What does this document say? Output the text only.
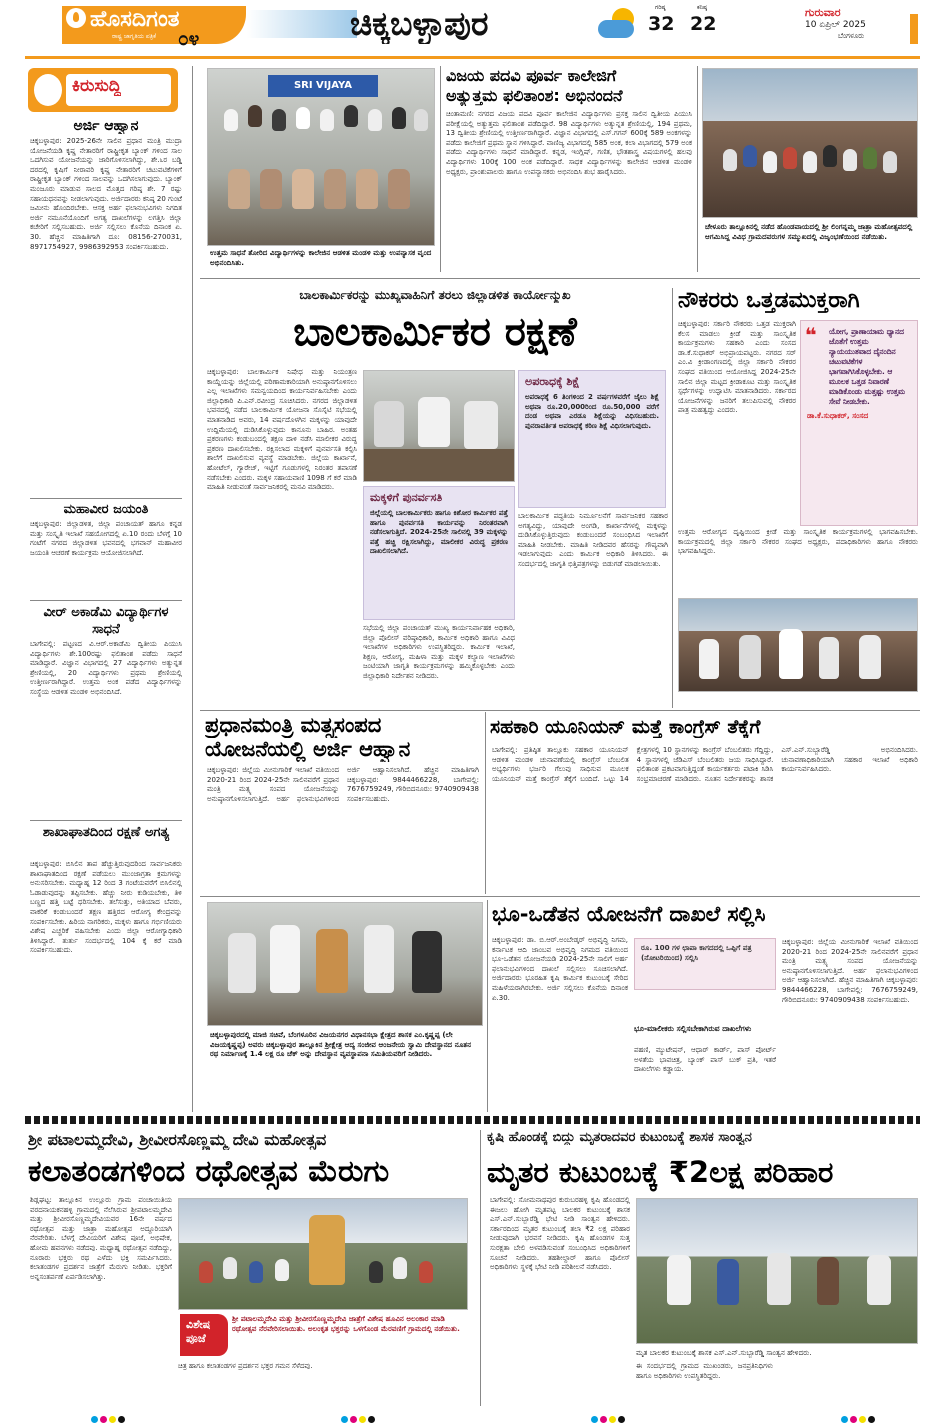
ಹೊಸದಿಗಂತ
ರಾಷ್ಟ್ರ ಜಾಗೃತಿಯ ಪತ್ರಿಕೆ ೦೪	ಚಿಕ್ಕಬಳ್ಳಾಪುರ	ಗರಿಷ್ಠ
32
ಕನಿಷ್ಠ
22
ಗುರುವಾರ
10 ಏಪ್ರಿಲ್ 2025
ಬೆಂಗಳೂರು
ಕಿರುಸುದ್ದಿ
ಅರ್ಜಿ ಆಹ್ವಾನ
ಚಿಕ್ಕಬಳ್ಳಾಪುರ: 2025-26ನೇ ಸಾಲಿನ ಪ್ರಧಾನ ಮಂತ್ರಿ ಮುದ್ರಾ ಯೋಜನೆಯಡಿ ಕೃಷ್ಣ ನೇತಾರರಿಗೆ ರಾಷ್ಟ್ರೀಕೃತ ಬ್ಯಾಂಕ್ ಗಳಿಂದ ಸಾಲ ಒದಗಿಸುವ ಯೋಜನೆಯನ್ನು ಜಾರಿಗೊಳಿಸಲಾಗಿದ್ದು, ಶೇ.೬ರ ಬಡ್ಡಿ ದರದಲ್ಲಿ ಕೃಷಿಗೆ ನೀರಾವರಿ ಕೃಷ್ಣ ನೇತಾರರಿಗೆ ಚಟುವಟಿಕೆಗಳಿಗೆ ರಾಷ್ಟ್ರೀಕೃತ ಬ್ಯಾಂಕ್ ಗಳಿಂದ ಸಾಲವನ್ನು ಒದಗಿಸಲಾಗುವುದು. ಬ್ಯಾಂಕ್ ಮಂಜೂರು ಮಾಡುವ ಸಾಲದ ಮೊತ್ತದ ಗರಿಷ್ಠ ಶೇ. 7 ರಷ್ಟು ಸಹಾಯಧನವನ್ನು ನೀಡಲಾಗುವುದು. ಅರ್ಜಿದಾರರು ಕನಿಷ್ಠ 20 ಗುಂಟೆ ಜಮೀನು ಹೊಂದಿರಬೇಕು. ಆಸಕ್ತ ಅರ್ಹ ಫಲಾನುಭವಿಗಳು ನಿಗದಿತ ಅರ್ಜಿ ನಮೂನೆಯೊಂದಿಗೆ ಅಗತ್ಯ ದಾಖಲೆಗಳನ್ನು ಲಗತ್ತಿಸಿ ಜಿಲ್ಲಾ ಕಚೇರಿಗೆ ಸಲ್ಲಿಸಬಹುದು. ಅರ್ಜಿ ಸಲ್ಲಿಸಲು ಕೊನೆಯ ದಿನಾಂಕ ಏ. 30. ಹೆಚ್ಚಿನ ಮಾಹಿತಿಗಾಗಿ ದೂ: 08156-270031, 8971754927, 9986392953 ಸಂಪರ್ಕಿಸಬಹುದು.
ಮಹಾವೀರ ಜಯಂತಿ
ಚಿಕ್ಕಬಳ್ಳಾಪುರ: ಜಿಲ್ಲಾಡಳಿತ, ಜಿಲ್ಲಾ ಪಂಚಾಯತ್ ಹಾಗೂ ಕನ್ನಡ ಮತ್ತು ಸಂಸ್ಕೃತಿ ಇಲಾಖೆ ಸಹಯೋಗದಲ್ಲಿ ಏ.10 ರಂದು ಬೆಳಗ್ಗೆ 10 ಗಂಟೆಗೆ ನಗರದ ಜಿಲ್ಲಾಡಳಿತ ಭವನದಲ್ಲಿ ಭಗವಾನ್ ಮಹಾವೀರ ಜಯಂತಿ ಆಚರಣೆ ಕಾರ್ಯಕ್ರಮ ಆಯೋಜಿಸಲಾಗಿದೆ.
ವೀರ್ ಅಕಾಡೆಮಿ ವಿದ್ಯಾರ್ಥಿಗಳ ಸಾಧನೆ
ಬಾಗೇಪಲ್ಲಿ: ಪಟ್ಟಣದ ವಿ.ಆರ್.ಅಕಾಡೆಮಿ ದ್ವಿತೀಯ ಪಿಯುಸಿ ವಿದ್ಯಾರ್ಥಿಗಳು ಶೇ.100ರಷ್ಟು ಫಲಿತಾಂಶ ಪಡೆದು ಸಾಧನೆ ಮಾಡಿದ್ದಾರೆ. ವಿಜ್ಞಾನ ವಿಭಾಗದಲ್ಲಿ 27 ವಿದ್ಯಾರ್ಥಿಗಳು ಅತ್ಯುನ್ನತ ಶ್ರೇಣಿಯಲ್ಲಿ, 20 ವಿದ್ಯಾರ್ಥಿಗಳು ಪ್ರಥಮ ಶ್ರೇಣಿಯಲ್ಲಿ ಉತ್ತೀರ್ಣರಾಗಿದ್ದಾರೆ. ಉತ್ತಮ ಅಂಕ ಪಡೆದ ವಿದ್ಯಾರ್ಥಿಗಳನ್ನು ಸಂಸ್ಥೆಯ ಆಡಳಿತ ಮಂಡಳಿ ಅಭಿನಂದಿಸಿದೆ.
ಶಾಖಾಘಾತದಿಂದ ರಕ್ಷಣೆ ಅಗತ್ಯ
ಚಿಕ್ಕಬಳ್ಳಾಪುರ: ಬಿಸಿಲಿನ ತಾಪ ಹೆಚ್ಚುತ್ತಿರುವುದರಿಂದ ಸಾರ್ವಜನಿಕರು ಶಾಖಾಘಾತದಿಂದ ರಕ್ಷಣೆ ಪಡೆಯಲು ಮುಂಜಾಗ್ರತಾ ಕ್ರಮಗಳನ್ನು ಅನುಸರಿಸಬೇಕು. ಮಧ್ಯಾಹ್ನ 12 ರಿಂದ 3 ಗಂಟೆಯವರೆಗೆ ಬಿಸಿಲಿನಲ್ಲಿ ಓಡಾಡುವುದನ್ನು ತಪ್ಪಿಸಬೇಕು. ಹೆಚ್ಚು ನೀರು ಕುಡಿಯಬೇಕು, ತಿಳಿ ಬಣ್ಣದ ಹತ್ತಿ ಬಟ್ಟೆ ಧರಿಸಬೇಕು. ತಲೆಸುತ್ತು, ಅತಿಯಾದ ಬೆವರು, ವಾಕರಿಕೆ ಕಂಡುಬಂದರೆ ತಕ್ಷಣ ಹತ್ತಿರದ ಆರೋಗ್ಯ ಕೇಂದ್ರವನ್ನು ಸಂಪರ್ಕಿಸಬೇಕು. ಹಿರಿಯ ನಾಗರಿಕರು, ಮಕ್ಕಳು ಹಾಗೂ ಗರ್ಭಿಣಿಯರು ವಿಶೇಷ ಎಚ್ಚರಿಕೆ ವಹಿಸಬೇಕು ಎಂದು ಜಿಲ್ಲಾ ಆರೋಗ್ಯಾಧಿಕಾರಿ ತಿಳಿಸಿದ್ದಾರೆ. ತುರ್ತು ಸಂದರ್ಭದಲ್ಲಿ 104 ಕ್ಕೆ ಕರೆ ಮಾಡಿ ಸಂಪರ್ಕಿಸಬಹುದು.
SRI VIJAYA
ಉತ್ತಮ ಸಾಧನೆ ತೋರಿದ ವಿದ್ಯಾರ್ಥಿಗಳನ್ನು ಕಾಲೇಜಿನ ಆಡಳಿತ ಮಂಡಳಿ ಮತ್ತು ಉಪನ್ಯಾಸಕ ವೃಂದ ಅಭಿನಂದಿಸಿತು.
ವಿಜಯ ಪದವಿ ಪೂರ್ವ ಕಾಲೇಜಿಗೆ
ಅತ್ಯುತ್ತಮ ಫಲಿತಾಂಶ: ಅಭಿನಂದನೆ
ಚಿಂತಾಮಣಿ: ನಗರದ ವಿಜಯ ಪದವಿ ಪೂರ್ವ ಕಾಲೇಜಿನ ವಿದ್ಯಾರ್ಥಿಗಳು ಪ್ರಸಕ್ತ ಸಾಲಿನ ದ್ವಿತೀಯ ಪಿಯುಸಿ ಪರೀಕ್ಷೆಯಲ್ಲಿ ಅತ್ಯುತ್ತಮ ಫಲಿತಾಂಶ ಪಡೆದಿದ್ದಾರೆ. 98 ವಿದ್ಯಾರ್ಥಿಗಳು ಅತ್ಯುನ್ನತ ಶ್ರೇಣಿಯಲ್ಲಿ, 194 ಪ್ರಥಮ, 13 ದ್ವಿತೀಯ ಶ್ರೇಣಿಯಲ್ಲಿ ಉತ್ತೀರ್ಣರಾಗಿದ್ದಾರೆ. ವಿಜ್ಞಾನ ವಿಭಾಗದಲ್ಲಿ ಎಸ್.ಗಗನ್ 600ಕ್ಕೆ 589 ಅಂಕಗಳನ್ನು ಪಡೆದು ಕಾಲೇಜಿಗೆ ಪ್ರಥಮ ಸ್ಥಾನ ಗಳಿಸಿದ್ದಾರೆ. ವಾಣಿಜ್ಯ ವಿಭಾಗದಲ್ಲಿ 585 ಅಂಕ, ಕಲಾ ವಿಭಾಗದಲ್ಲಿ 579 ಅಂಕ ಪಡೆದು ವಿದ್ಯಾರ್ಥಿಗಳು ಸಾಧನೆ ಮಾಡಿದ್ದಾರೆ. ಕನ್ನಡ, ಇಂಗ್ಲಿಷ್, ಗಣಿತ, ಭೌತಶಾಸ್ತ್ರ ವಿಷಯಗಳಲ್ಲಿ ಹಲವು ವಿದ್ಯಾರ್ಥಿಗಳು 100ಕ್ಕೆ 100 ಅಂಕ ಪಡೆದಿದ್ದಾರೆ. ಸಾಧಕ ವಿದ್ಯಾರ್ಥಿಗಳನ್ನು ಕಾಲೇಜಿನ ಆಡಳಿತ ಮಂಡಳಿ ಅಧ್ಯಕ್ಷರು, ಪ್ರಾಂಶುಪಾಲರು ಹಾಗೂ ಉಪನ್ಯಾಸಕರು ಅಭಿನಂದಿಸಿ ಶುಭ ಹಾರೈಸಿದರು.
ಚೇಳೂರು ತಾಲ್ಲೂಕಿನಲ್ಲಿ ನಡೆದ ಹೊಂಡವಾಯದಲ್ಲಿ ಶ್ರೀ ಲಿಂಗನ್ನಮ್ಮ ಜಾತ್ರಾ ಮಹೋತ್ಸವದಲ್ಲಿ ಆಗಮಿಸಿದ್ದ ವಿವಿಧ ಗ್ರಾಮದವರುಗಳ ಸಮ್ಮುಖದಲ್ಲಿ ವಿಜೃಂಭಣೆಯಿಂದ ನಡೆಯಿತು.
ಬಾಲಕಾರ್ಮಿಕರನ್ನು ಮುಖ್ಯವಾಹಿನಿಗೆ ತರಲು ಜಿಲ್ಲಾಡಳಿತ ಕಾರ್ಯೋನ್ಮುಖ
ಬಾಲಕಾರ್ಮಿಕರ ರಕ್ಷಣೆ
ಚಿಕ್ಕಬಳ್ಳಾಪುರ: ಬಾಲಕಾರ್ಮಿಕ ನಿಷೇಧ ಮತ್ತು ನಿಯಂತ್ರಣ ಕಾಯ್ದೆಯನ್ನು ಜಿಲ್ಲೆಯಲ್ಲಿ ಪರಿಣಾಮಕಾರಿಯಾಗಿ ಅನುಷ್ಠಾನಗೊಳಿಸಲು ಎಲ್ಲ ಇಲಾಖೆಗಳು ಸಮನ್ವಯದಿಂದ ಕಾರ್ಯನಿರ್ವಹಿಸಬೇಕು ಎಂದು ಜಿಲ್ಲಾಧಿಕಾರಿ ಪಿ.ಎನ್.ರವೀಂದ್ರ ಸೂಚಿಸಿದರು. ನಗರದ ಜಿಲ್ಲಾಡಳಿತ ಭವನದಲ್ಲಿ ನಡೆದ ಬಾಲಕಾರ್ಮಿಕ ಯೋಜನಾ ಸೊಸೈಟಿ ಸಭೆಯಲ್ಲಿ ಮಾತನಾಡಿದ ಅವರು, 14 ವರ್ಷದೊಳಗಿನ ಮಕ್ಕಳನ್ನು ಯಾವುದೇ ಉದ್ದಿಮೆಯಲ್ಲಿ ದುಡಿಸಿಕೊಳ್ಳುವುದು ಕಾನೂನು ಬಾಹಿರ. ಅಂತಹ ಪ್ರಕರಣಗಳು ಕಂಡುಬಂದಲ್ಲಿ ತಕ್ಷಣ ದಾಳಿ ನಡೆಸಿ ಮಾಲೀಕರ ವಿರುದ್ಧ ಪ್ರಕರಣ ದಾಖಲಿಸಬೇಕು. ರಕ್ಷಿಸಲಾದ ಮಕ್ಕಳಿಗೆ ಪುನರ್ವಸತಿ ಕಲ್ಪಿಸಿ ಶಾಲೆಗೆ ದಾಖಲಿಸುವ ವ್ಯವಸ್ಥೆ ಮಾಡಬೇಕು. ಜಿಲ್ಲೆಯ ಕಾರ್ಖಾನೆ, ಹೋಟೆಲ್, ಗ್ಯಾರೇಜ್, ಇಟ್ಟಿಗೆ ಗೂಡುಗಳಲ್ಲಿ ನಿರಂತರ ತಪಾಸಣೆ ನಡೆಸಬೇಕು ಎಂದರು. ಮಕ್ಕಳ ಸಹಾಯವಾಣಿ 1098 ಗೆ ಕರೆ ಮಾಡಿ ಮಾಹಿತಿ ನೀಡುವಂತೆ ಸಾರ್ವಜನಿಕರಲ್ಲಿ ಮನವಿ ಮಾಡಿದರು.
ಅಪರಾಧಕ್ಕೆ ಶಿಕ್ಷೆ
ಅಪರಾಧಕ್ಕೆ 6 ತಿಂಗಳಿಂದ 2 ವರ್ಷಗಳವರೆಗೆ ಜೈಲು ಶಿಕ್ಷೆ ಅಥವಾ ರೂ.20,000ರಿಂದ ರೂ.50,000 ವರೆಗೆ ದಂಡ ಅಥವಾ ಎರಡೂ ಶಿಕ್ಷೆಯನ್ನು ವಿಧಿಸಬಹುದು. ಪುನರಾವರ್ತಿತ ಅಪರಾಧಕ್ಕೆ ಕಠಿಣ ಶಿಕ್ಷೆ ವಿಧಿಸಲಾಗುವುದು.
ಮಕ್ಕಳಿಗೆ ಪುನರ್ವಸತಿ
ಜಿಲ್ಲೆಯಲ್ಲಿ ಬಾಲಕಾರ್ಮಿಕರು ಹಾಗೂ ಕಿಶೋರ ಕಾರ್ಮಿಕರ ಪತ್ತೆ ಹಾಗೂ ಪುನರ್ವಸತಿ ಕಾರ್ಯವನ್ನು ನಿರಂತರವಾಗಿ ನಡೆಸಲಾಗುತ್ತಿದೆ. 2024-25ನೇ ಸಾಲಿನಲ್ಲಿ 39 ಮಕ್ಕಳನ್ನು ಪತ್ತೆ ಹಚ್ಚಿ ರಕ್ಷಿಸಲಾಗಿದ್ದು, ಮಾಲೀಕರ ವಿರುದ್ಧ ಪ್ರಕರಣ ದಾಖಲಿಸಲಾಗಿದೆ.
ಸಭೆಯಲ್ಲಿ ಜಿಲ್ಲಾ ಪಂಚಾಯತ್ ಮುಖ್ಯ ಕಾರ್ಯನಿರ್ವಾಹಕ ಅಧಿಕಾರಿ, ಜಿಲ್ಲಾ ಪೊಲೀಸ್ ವರಿಷ್ಠಾಧಿಕಾರಿ, ಕಾರ್ಮಿಕ ಅಧಿಕಾರಿ ಹಾಗೂ ವಿವಿಧ ಇಲಾಖೆಗಳ ಅಧಿಕಾರಿಗಳು ಉಪಸ್ಥಿತರಿದ್ದರು. ಕಾರ್ಮಿಕ ಇಲಾಖೆ, ಶಿಕ್ಷಣ, ಆರೋಗ್ಯ, ಮಹಿಳಾ ಮತ್ತು ಮಕ್ಕಳ ಕಲ್ಯಾಣ ಇಲಾಖೆಗಳು ಜಂಟಿಯಾಗಿ ಜಾಗೃತಿ ಕಾರ್ಯಕ್ರಮಗಳನ್ನು ಹಮ್ಮಿಕೊಳ್ಳಬೇಕು ಎಂದು ಜಿಲ್ಲಾಧಿಕಾರಿ ನಿರ್ದೇಶನ ನೀಡಿದರು.
ಬಾಲಕಾರ್ಮಿಕ ಪದ್ಧತಿಯ ನಿರ್ಮೂಲನೆಗೆ ಸಾರ್ವಜನಿಕರ ಸಹಕಾರ ಅಗತ್ಯವಿದ್ದು, ಯಾವುದೇ ಅಂಗಡಿ, ಕಾರ್ಖಾನೆಗಳಲ್ಲಿ ಮಕ್ಕಳನ್ನು ದುಡಿಸಿಕೊಳ್ಳುತ್ತಿರುವುದು ಕಂಡುಬಂದರೆ ಸಂಬಂಧಿಸಿದ ಇಲಾಖೆಗೆ ಮಾಹಿತಿ ನೀಡಬೇಕು. ಮಾಹಿತಿ ನೀಡಿದವರ ಹೆಸರನ್ನು ಗೌಪ್ಯವಾಗಿ ಇಡಲಾಗುವುದು ಎಂದು ಕಾರ್ಮಿಕ ಅಧಿಕಾರಿ ತಿಳಿಸಿದರು. ಈ ಸಂದರ್ಭದಲ್ಲಿ ಜಾಗೃತಿ ಭಿತ್ತಿಪತ್ರಗಳನ್ನು ಬಿಡುಗಡೆ ಮಾಡಲಾಯಿತು.
ನೌಕರರು ಒತ್ತಡಮುಕ್ತರಾಗಿ
ಚಿಕ್ಕಬಳ್ಳಾಪುರ: ಸರ್ಕಾರಿ ನೌಕರರು ಒತ್ತಡ ಮುಕ್ತರಾಗಿ ಕೆಲಸ ಮಾಡಲು ಕ್ರೀಡೆ ಮತ್ತು ಸಾಂಸ್ಕೃತಿಕ ಕಾರ್ಯಕ್ರಮಗಳು ಸಹಕಾರಿ ಎಂದು ಸಂಸದ ಡಾ.ಕೆ.ಸುಧಾಕರ್ ಅಭಿಪ್ರಾಯಪಟ್ಟರು. ನಗರದ ಸರ್ ಎಂ.ವಿ ಕ್ರೀಡಾಂಗಣದಲ್ಲಿ ಜಿಲ್ಲಾ ಸರ್ಕಾರಿ ನೌಕರರ ಸಂಘದ ವತಿಯಿಂದ ಆಯೋಜಿಸಿದ್ದ 2024-25ನೇ ಸಾಲಿನ ಜಿಲ್ಲಾ ಮಟ್ಟದ ಕ್ರೀಡಾಕೂಟ ಮತ್ತು ಸಾಂಸ್ಕೃತಿಕ ಸ್ಪರ್ಧೆಗಳನ್ನು ಉದ್ಘಾಟಿಸಿ ಮಾತನಾಡಿದರು. ಸರ್ಕಾರದ ಯೋಜನೆಗಳನ್ನು ಜನರಿಗೆ ತಲುಪಿಸುವಲ್ಲಿ ನೌಕರರ ಪಾತ್ರ ಮಹತ್ವದ್ದು ಎಂದರು.
❝	ಯೋಗ, ಪ್ರಾಣಾಯಾಮ ಧ್ಯಾನದ ಜೊತೆಗೆ ಉತ್ತಮ ನ್ಯಾಯಯುತವಾದ ದೈನಂದಿನ ಚಟುವಟಿಕೆಗಳ ಭಾಗವಾಗಿಸಿಕೊಳ್ಳಬೇಕು. ಆ ಮೂಲಕ ಒತ್ತಡ ನಿವಾರಣೆ ಮಾಡಿಕೊಂಡು ಮತ್ತಷ್ಟು ಉತ್ತಮ ಸೇವೆ ನೀಡಬೇಕು.
ಡಾ.ಕೆ.ಸುಧಾಕರ್, ಸಂಸದ
ಉತ್ತಮ ಆರೋಗ್ಯದ ದೃಷ್ಟಿಯಿಂದ ಕ್ರೀಡೆ ಮತ್ತು ಸಾಂಸ್ಕೃತಿಕ ಕಾರ್ಯಕ್ರಮಗಳಲ್ಲಿ ಭಾಗವಹಿಸಬೇಕು. ಕಾರ್ಯಕ್ರಮದಲ್ಲಿ ಜಿಲ್ಲಾ ಸರ್ಕಾರಿ ನೌಕರರ ಸಂಘದ ಅಧ್ಯಕ್ಷರು, ಪದಾಧಿಕಾರಿಗಳು ಹಾಗೂ ನೌಕರರು ಭಾಗವಹಿಸಿದ್ದರು.
ಪ್ರಧಾನಮಂತ್ರಿ ಮತ್ಸ್ಯಸಂಪದ
ಯೋಜನೆಯಲ್ಲಿ ಅರ್ಜಿ ಆಹ್ವಾನ
ಚಿಕ್ಕಬಳ್ಳಾಪುರ: ಜಿಲ್ಲೆಯ ಮೀನುಗಾರಿಕೆ ಇಲಾಖೆ ವತಿಯಿಂದ 2020-21 ರಿಂದ 2024-25ನೇ ಸಾಲಿನವರೆಗೆ ಪ್ರಧಾನ ಮಂತ್ರಿ ಮತ್ಸ್ಯ ಸಂಪದ ಯೋಜನೆಯನ್ನು ಅನುಷ್ಠಾನಗೊಳಿಸಲಾಗುತ್ತಿದೆ. ಅರ್ಹ ಫಲಾನುಭವಿಗಳಿಂದ ಅರ್ಜಿ ಆಹ್ವಾನಿಸಲಾಗಿದೆ. ಹೆಚ್ಚಿನ ಮಾಹಿತಿಗಾಗಿ ಚಿಕ್ಕಬಳ್ಳಾಪುರ: 9844466228, ಬಾಗೇಪಲ್ಲಿ: 7676759249, ಗೌರಿಬಿದನೂರು: 9740909438 ಸಂಪರ್ಕಿಸಬಹುದು.
ಸಹಕಾರಿ ಯೂನಿಯನ್ ಮತ್ತೆ ಕಾಂಗ್ರೆಸ್ ತೆಕ್ಕೆಗೆ
ಬಾಗೇಪಲ್ಲಿ: ಪ್ರತಿಷ್ಠಿತ ತಾಲ್ಲೂಕು ಸಹಕಾರ ಯೂನಿಯನ್ ಆಡಳಿತ ಮಂಡಳಿ ಚುನಾವಣೆಯಲ್ಲಿ ಕಾಂಗ್ರೆಸ್ ಬೆಂಬಲಿತ ಅಭ್ಯರ್ಥಿಗಳು ಭರ್ಜರಿ ಗೆಲುವು ಸಾಧಿಸುವ ಮೂಲಕ ಯೂನಿಯನ್ ಮತ್ತೆ ಕಾಂಗ್ರೆಸ್ ತೆಕ್ಕೆಗೆ ಬಂದಿದೆ. ಒಟ್ಟು 14 ಕ್ಷೇತ್ರಗಳಲ್ಲಿ 10 ಸ್ಥಾನಗಳನ್ನು ಕಾಂಗ್ರೆಸ್ ಬೆಂಬಲಿತರು ಗೆದ್ದಿದ್ದು, 4 ಸ್ಥಾನಗಳಲ್ಲಿ ಜೆಡಿಎಸ್ ಬೆಂಬಲಿತರು ಜಯ ಸಾಧಿಸಿದ್ದಾರೆ. ಫಲಿತಾಂಶ ಪ್ರಕಟವಾಗುತ್ತಿದ್ದಂತೆ ಕಾರ್ಯಕರ್ತರು ಪಟಾಕಿ ಸಿಡಿಸಿ ಸಂಭ್ರಮಾಚರಣೆ ಮಾಡಿದರು. ನೂತನ ನಿರ್ದೇಶಕರನ್ನು ಶಾಸಕ ಎಸ್.ಎನ್.ಸುಬ್ಬಾರೆಡ್ಡಿ ಅಭಿನಂದಿಸಿದರು. ಚುನಾವಣಾಧಿಕಾರಿಯಾಗಿ ಸಹಕಾರ ಇಲಾಖೆ ಅಧಿಕಾರಿ ಕಾರ್ಯನಿರ್ವಹಿಸಿದರು.
ಚಿಕ್ಕಬಳ್ಳಾಪುರದಲ್ಲಿ ಮಾಜಿ ಸಚಿವೆ, ಬೆಂಗಳೂರಿನ ವಿಜಯನಗರ ವಿಧಾನಸಭಾ ಕ್ಷೇತ್ರದ ಶಾಸಕ ಎಂ.ಕೃಷ್ಣಪ್ಪ (ಲೇ ವಿಜಯಕೃಷ್ಣಪ್ಪ) ಅವರು ಚಿಕ್ಕಬಳ್ಳಾಪುರ ತಾಲ್ಲೂಕಿನ ಶ್ರೀಕ್ಷೇತ್ರ ಆದ್ಯ ಸಂಜೀವ ಆಂಜನೇಯ ಸ್ವಾಮಿ ದೇವಸ್ಥಾನದ ನೂತನ ರಥ ನಿರ್ಮಾಣಕ್ಕೆ 1.4 ಲಕ್ಷ ರೂ ಚೆಕ್ ಅನ್ನು ದೇವಸ್ಥಾನ ವ್ಯವಸ್ಥಾಪನಾ ಸಮಿತಿಯವರಿಗೆ ನೀಡಿದರು.
ಭೂ-ಒಡೆತನ ಯೋಜನೆಗೆ ದಾಖಲೆ ಸಲ್ಲಿಸಿ
ಚಿಕ್ಕಬಳ್ಳಾಪುರ: ಡಾ. ಬಿ.ಆರ್.ಅಂಬೇಡ್ಕರ್ ಅಭಿವೃದ್ಧಿ ನಿಗಮ, ಕರ್ನಾಟಕ ಆದಿ ಜಾಂಬವ ಅಭಿವೃದ್ಧಿ ನಿಗಮದ ವತಿಯಿಂದ ಭೂ-ಒಡೆತನ ಯೋಜನೆಯಡಿ 2024-25ನೇ ಸಾಲಿಗೆ ಅರ್ಹ ಫಲಾನುಭವಿಗಳಿಂದ ದಾಖಲೆ ಸಲ್ಲಿಸಲು ಸೂಚಿಸಲಾಗಿದೆ. ಅರ್ಜಿದಾರರು ಭೂರಹಿತ ಕೃಷಿ ಕಾರ್ಮಿಕ ಕುಟುಂಬಕ್ಕೆ ಸೇರಿದ ಮಹಿಳೆಯರಾಗಿರಬೇಕು. ಅರ್ಜಿ ಸಲ್ಲಿಸಲು ಕೊನೆಯ ದಿನಾಂಕ ಏ.30.
ರೂ. 100 ಗಳ ಛಾಪಾ ಕಾಗದದಲ್ಲಿ ಒಪ್ಪಿಗೆ ಪತ್ರ (ನೋಟರಿಯಿಂದ) ಸಲ್ಲಿಸಿ
ಭೂ-ಮಾಲೀಕರು ಸಲ್ಲಿಸಬೇಕಾಗಿರುವ ದಾಖಲೆಗಳು
ಪಹಣಿ, ಮ್ಯುಟೇಷನ್, ಆಧಾರ್ ಕಾರ್ಡ್, ಪಾಸ್ ಪೋರ್ಟ್ ಅಳತೆಯ ಭಾವಚಿತ್ರ, ಬ್ಯಾಂಕ್ ಪಾಸ್ ಬುಕ್ ಪ್ರತಿ, ಇತರೆ ದಾಖಲೆಗಳು ಕಡ್ಡಾಯ.
ಚಿಕ್ಕಬಳ್ಳಾಪುರ: ಜಿಲ್ಲೆಯ ಮೀನುಗಾರಿಕೆ ಇಲಾಖೆ ವತಿಯಿಂದ 2020-21 ರಿಂದ 2024-25ನೇ ಸಾಲಿನವರೆಗೆ ಪ್ರಧಾನ ಮಂತ್ರಿ ಮತ್ಸ್ಯ ಸಂಪದ ಯೋಜನೆಯನ್ನು ಅನುಷ್ಠಾನಗೊಳಿಸಲಾಗುತ್ತಿದೆ. ಅರ್ಹ ಫಲಾನುಭವಿಗಳಿಂದ ಅರ್ಜಿ ಆಹ್ವಾನಿಸಲಾಗಿದೆ. ಹೆಚ್ಚಿನ ಮಾಹಿತಿಗಾಗಿ ಚಿಕ್ಕಬಳ್ಳಾಪುರ: 9844466228, ಬಾಗೇಪಲ್ಲಿ: 7676759249, ಗೌರಿಬಿದನೂರು: 9740909438 ಸಂಪರ್ಕಿಸಬಹುದು.
ಶ್ರೀ ಪಟಾಲಮ್ಮದೇವಿ, ಶ್ರೀವೀರಸೊಣ್ಣಮ್ಮ ದೇವಿ ಮಹೋತ್ಸವ
ಕಲಾತಂಡಗಳಿಂದ ರಥೋತ್ಸವ ಮೆರುಗು
ಶಿಡ್ಲಘಟ್ಟ: ತಾಲ್ಲೂಕಿನ ಉಲ್ಲೂರು ಗ್ರಾಮ ಪಂಚಾಯಿತಿಯ ವರದನಾಯಕನಹಳ್ಳಿ ಗ್ರಾಮದಲ್ಲಿ ನೆಲೆಸಿರುವ ಶ್ರೀಪಟಾಲಮ್ಮದೇವಿ ಮತ್ತು ಶ್ರೀವೀರಸೊಣ್ಣಮ್ಮದೇವಿಯವರ 16ನೇ ವರ್ಷದ ರಥೋತ್ಸವ ಮತ್ತು ಜಾತ್ರಾ ಮಹೋತ್ಸವ ಅದ್ದೂರಿಯಾಗಿ ನೆರವೇರಿತು. ಬೆಳಗ್ಗೆ ದೇವಿಯರಿಗೆ ವಿಶೇಷ ಪೂಜೆ, ಅಭಿಷೇಕ, ಹೋಮ ಹವನಗಳು ನಡೆದವು. ಮಧ್ಯಾಹ್ನ ರಥೋತ್ಸವ ನಡೆದಿದ್ದು, ನೂರಾರು ಭಕ್ತರು ರಥ ಎಳೆದು ಭಕ್ತಿ ಸಮರ್ಪಿಸಿದರು. ಕಲಾತಂಡಗಳ ಪ್ರದರ್ಶನ ಜಾತ್ರೆಗೆ ಮೆರುಗು ನೀಡಿತು. ಭಕ್ತರಿಗೆ ಅನ್ನಸಂತರ್ಪಣೆ ಏರ್ಪಡಿಸಲಾಗಿತ್ತು.
ವಿಶೇಷ
ಪೂಜೆ
ಶ್ರೀ ಪಟಾಲಮ್ಮದೇವಿ ಮತ್ತು ಶ್ರೀವೀರಸೊಣ್ಣಮ್ಮದೇವಿ ಜಾತ್ರೆಗೆ ವಿಶೇಷ ಹೂವಿನ ಅಲಂಕಾರ ಮಾಡಿ ರಥೋತ್ಸವ ನೆರವೇರಿಸಲಾಯಿತು. ಅಲಂಕೃತ ಭಕ್ತರನ್ನು ಒಳಗೊಂಡ ಮೆರವಣಿಗೆ ಗ್ರಾಮದಲ್ಲಿ ನಡೆಯಿತು.
ಚಿತ್ರ ಹಾಗೂ ಕಲಾತಂಡಗಳ ಪ್ರದರ್ಶನ ಭಕ್ತರ ಗಮನ ಸೆಳೆದವು.
ಕೃಷಿ ಹೊಂಡಕ್ಕೆ ಬಿದ್ದು ಮೃತರಾದವರ ಕುಟುಂಬಕ್ಕೆ ಶಾಸಕ ಸಾಂತ್ವನ
ಮೃತರ ಕುಟುಂಬಕ್ಕೆ ₹2ಲಕ್ಷ ಪರಿಹಾರ
ಬಾಗೇಪಲ್ಲಿ: ಸೋಮನಾಥಪುರ ಕುರುಬರಹಳ್ಳಿ ಕೃಷಿ ಹೊಂಡದಲ್ಲಿ ಈಜಲು ಹೋಗಿ ಮೃತಪಟ್ಟ ಬಾಲಕರ ಕುಟುಂಬಕ್ಕೆ ಶಾಸಕ ಎಸ್.ಎನ್.ಸುಬ್ಬಾರೆಡ್ಡಿ ಭೇಟಿ ನೀಡಿ ಸಾಂತ್ವನ ಹೇಳಿದರು. ಸರ್ಕಾರದಿಂದ ಮೃತರ ಕುಟುಂಬಕ್ಕೆ ತಲಾ ₹2 ಲಕ್ಷ ಪರಿಹಾರ ನೀಡುವುದಾಗಿ ಭರವಸೆ ನೀಡಿದರು. ಕೃಷಿ ಹೊಂಡಗಳ ಸುತ್ತ ಸುರಕ್ಷತಾ ಬೇಲಿ ಅಳವಡಿಸುವಂತೆ ಸಂಬಂಧಿಸಿದ ಅಧಿಕಾರಿಗಳಿಗೆ ಸೂಚನೆ ನೀಡಿದರು. ತಹಶೀಲ್ದಾರ್ ಹಾಗೂ ಪೊಲೀಸ್ ಅಧಿಕಾರಿಗಳು ಸ್ಥಳಕ್ಕೆ ಭೇಟಿ ನೀಡಿ ಪರಿಶೀಲನೆ ನಡೆಸಿದರು.
ಮೃತ ಬಾಲಕರ ಕುಟುಂಬಕ್ಕೆ ಶಾಸಕ ಎಸ್.ಎನ್.ಸುಬ್ಬಾರೆಡ್ಡಿ ಸಾಂತ್ವನ ಹೇಳಿದರು.
ಈ ಸಂದರ್ಭದಲ್ಲಿ ಗ್ರಾಮದ ಮುಖಂಡರು, ಜನಪ್ರತಿನಿಧಿಗಳು ಹಾಗೂ ಅಧಿಕಾರಿಗಳು ಉಪಸ್ಥಿತರಿದ್ದರು.
